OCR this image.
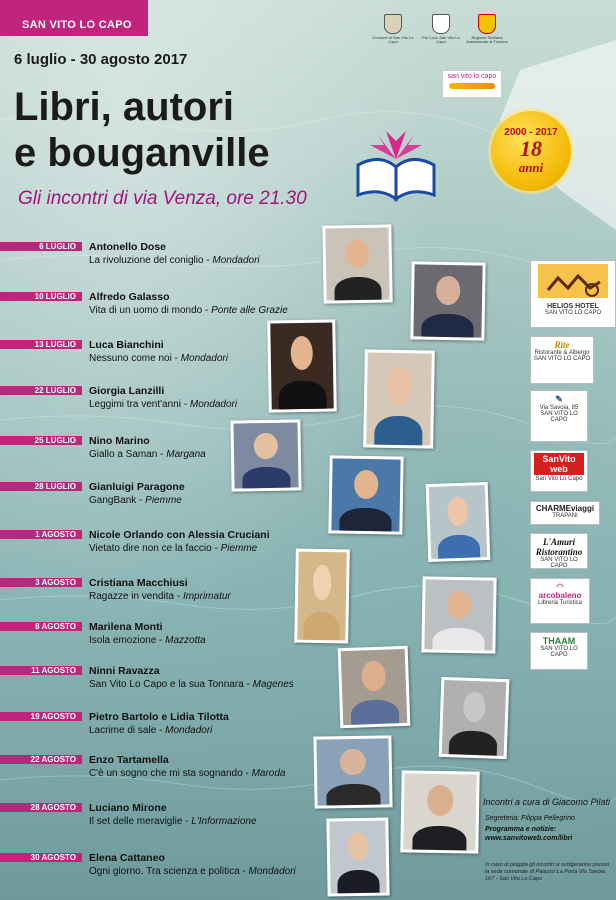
SAN VITO LO CAPO
6 luglio - 30 agosto 2017
Libri, autori
e bouganville
Gli incontri di via Venza, ore 21.30
Comune di San Vito Lo Capo
Pro Loco San Vito Lo Capo
Regione Siciliana Assessorato al Turismo
san vito lo capo
2000 - 2017
18
anni
6 LUGLIO Antonello Dose
La rivoluzione del coniglio - Mondadori
10 LUGLIO Alfredo Galasso
Vita di un uomo di mondo - Ponte alle Grazie
13 LUGLIO Luca Bianchini
Nessuno come noi - Mondadori
22 LUGLIO Giorgia Lanzilli
Leggimi tra vent'anni - Mondadori
25 LUGLIO Nino Marino
Giallo a Saman - Margana
28 LUGLIO Gianluigi Paragone
GangBank - Piemme
1 AGOSTO Nicole Orlando con Alessia Cruciani
Vietato dire non ce la faccio - Piemme
3 AGOSTO Cristiana Macchiusi
Ragazze in vendita - Imprimatur
8 AGOSTO Marilena Monti
Isola emozione - Mazzotta
11 AGOSTO Ninni Ravazza
San Vito Lo Capo e la sua Tonnara - Magenes
19 AGOSTO Pietro Bartolo e Lidia Tilotta
Lacrime di sale - Mondadori
22 AGOSTO Enzo Tartamella
C'è un sogno che mi sta sognando - Maroda
28 AGOSTO Luciano Mirone
Il set delle meraviglie - L'Informazione
30 AGOSTO Elena Cattaneo
Ogni giorno. Tra scienza e politica - Mondadori
HELIOS HOTEL
SAN VITO LO CAPO
Rite
Ristorante & Albergo
SAN VITO LO CAPO
✎
Via Savoia, 85
SAN VITO LO CAPO
SanVito web
San Vito Lo Capo
CHARMEviaggi
TRAPANI
L'Amuri Ristorantino
SAN VITO LO CAPO
◠
arcobaleno
Libreria Turistica
THAAM
SAN VITO LO CAPO
Incontri a cura di Giacomo Pilati
Segreteria: Filippa Pellegrino
Programma e notizie:
www.sanvitoweb.com/libri
In caso di pioggia gli incontri si svolgeranno presso la sede comunale di Palazzo La Porta Via Savoia, 167 - San Vito Lo Capo
